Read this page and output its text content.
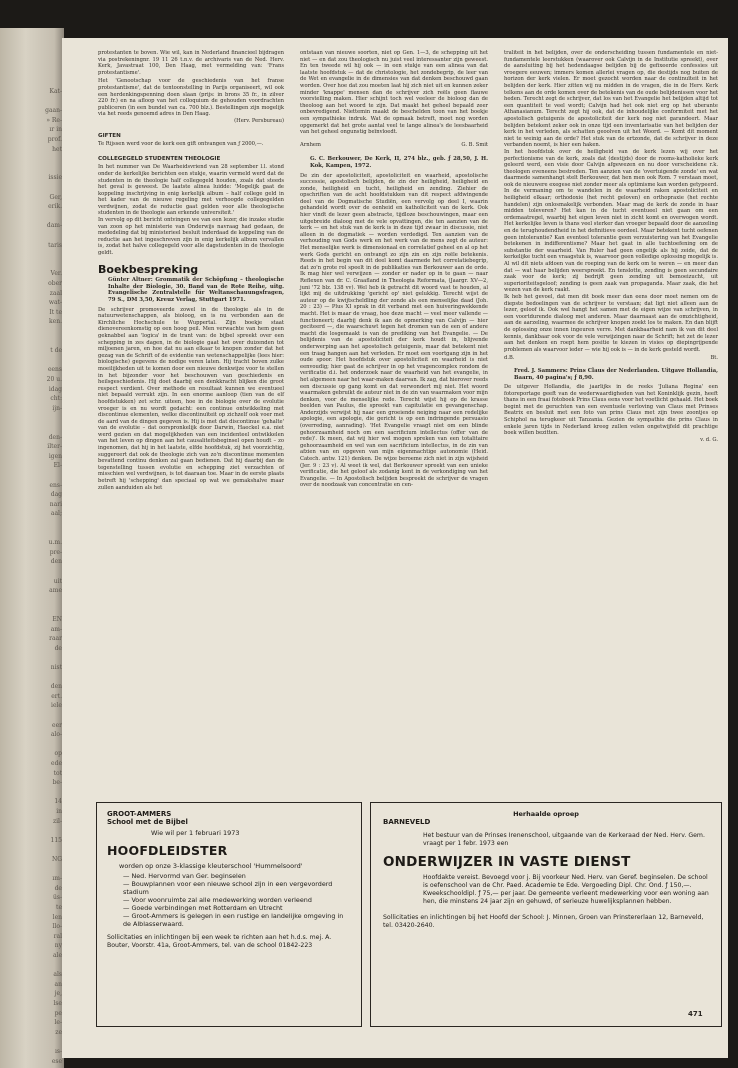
Kat-
gaan-
» Re-
ır in
prof.
het
issie
Ger,
erik.
dam-
taris
Ver.
ober
zaal
wat-
It te
ken.
t de
eens
20 u.
idag
cht:
ijn-
den-
ilter-
igen
El-
ens-
dag
nari
aal;
u.m.
pre-
den
uit
ame
EN
am-
raar
de
nist
den
ert.
iele
eer
alo-
op
ede
tot
be-
14
in
zil-
115
NG
ım-
de
üs-
te
len
llo-
ral
ny
ale
als
an
je,
lse
pe
le-
ze
ıs-
ese

protestanten te boven. Wie wil, kan in Nederland financieel bijdragen via postrekeningnr. 19 11 26 t.n.v. de archivaris van de Ned. Herv. Kerk, Javastraat 100, Den Haag, met vermelding van: 'Frans protestantisme'.

Het 'Genootschap voor de geschiedenis van het franse protestantisme', dat de tentoonstelling in Parijs organiseert, wil ook een herdenkingspenning doen slaan (prijs: in brons 35 fr., in zilver 220 fr.) en na afloop van het colloquium de gehouden voordrachten publiceren (in een bundel van ca. 700 blz.). Bestellingen zijn mogelijk via het reeds genoemd adres in Den Haag.

(Herv. Persbureau)

GIFTEN

Te Rijssen werd voor de kerk een gift ontvangen van ƒ 2000,—.

COLLEGEGELD STUDENTEN THEOLOGIE

In het nummer van De Waarheidsvriend van 28 september l.l. stond onder de kerkelijke berichten een stukje, waarin vermeld werd dat de studenten in de theologie half collegegeld houden, zoals dat steeds het geval is geweest. De laatste alinea luidde: 'Mogelijk gaat de koppeling inschrijving in enig kerkelijk album – half college geld in het kader van de nieuwe regeling met verhoogde collegegelden verdwijnen, zodat de reductie gaat gelden voor alle theologische studenten in de theologie aan erkende universiteit.'

In vervolg op dit bericht ontvingen we van een lezer, die inzake studie van zoon op het ministerie van Onderwijs navraag had gedaan, de mededeling dat bij ministerieel besluit inderdaad de koppeling van de reductie aan het ingeschreven zijn in enig kerkelijk album vervallen is, zodat het halve collegegeld voor alle dagstudenten in de theologie geldt.

Boekbespreking
Günter Altner: Grommatik der Schöpfung – theologische Inhalte der Biologie, 30. Band van de Rote Reihe, uitg. Evangelische Zentralstelle für Weltanschauungsfragen, 79 S., DM 3,50, Kreuz Verlag, Stuttgart 1971.

De schrijver promoveerde zowel in de theologie als in de natuurwetenschappen, als bioloog, en is nu verbonden aan de Kirchliche Hochschule te Wuppertal. Zijn boekje staat dienovereenkomstig op een hoog peil. Men verwachte van hem geen geknabbel aan 'logica' in de trant van: de bijbel spreekt over een schepping in zes dagen, in de biologie gaat het over duizenden tot miljoenen jaren, en hoe dat nu aan elkaar te knopen zonder dat het gezag van de Schrift of de evidentie van wetenschappelijke (lees hier: biologische) gegevens de nodige veren laten. Hij tracht boven zulke moeilijkheden uit te komen door een nieuwe denkwijze voor te stellen in het bijzonder voor het beschouwen van geschiedenis en heilsgeschiedenis. Hij doet daarbij een denkkracht blijken die groot respect verdient. Over methode en resultaat kunnen we eventueel niet bepaald verrukt zijn. In een enorme aanloop (tien van de elf hoofdstukken) zet schr. uiteen, hoe in de biologie over de evolutie vroeger is en nu wordt gedacht: een continue ontwikkeling met discontinue elementen, welke discontinuïteit op zichzelf ook voer met de aard van de dingen gegeven is. Hij is met dat discontinue 'gehalte' van de evolutie – dat oorspronkelijk door Darwin, Haeckel e.a. niet werd gezien en dat mogelijkheden van een incidenteel ontwikkelen van het leven op dingen aan het causaliteitsbeginsel open houdt – zo ingenomen, dat hij in het laatste, elfde hoofdstuk, zij het voorzichtig, suggereert dat ook de theologie zich van zo'n discontinue momenten bevattend continu denken zal gaan bedienen. Dat hij daarbij dan de tegenstelling tussen evolutie en schepping ziet verzachten of misschien wel verdwijnen, is tot daaraan toe. Maar in de eerste plaats betreft hij 'schepping' dan speciaal op wat we gemakshalve maar zullen aanduiden als het

ontstaan van nieuwe soorten, niet op Gen. 1—3, de schepping uit het niet — en dat zou theologisch nu juist veel interessanter zijn geweest. En ten tweede wil hij ook — in een stukje van een alinea van dat laatste hoofdstuk — dat de christologie, het zondebegrip, de leer van de Wet en evangelie in de dimensies van dat denken beschouwd gaan worden. Over hoe dat zou moeten laat hij zich niet uit en kunnen zeker minder 'knappe' mensen dan de schrijver zich reëls geen flauwe voorstelling maken. Hier schijnt toch wel veeleer de bioloog dan de theoloog aan het woord te zijn. Dat maakt het geheel bepaald zeer onbevredigend. Niettemin maakt de beschelden toon van het boekje een sympathieke indruk. Wat de opmaak betreft, moet nog worden opgemerkt dat het grote aantal veel te lange alinea's de leesbaarheid van het geheel ongunstig beïnvloedt.

Arnhem	G. B. Smit
G. C. Berkouwer, De Kerk, II, 274 blz., geb. ƒ 28,50, J. H. Kok, Kampen, 1972.

De zin der apostoliciteit, apostoliciteit en waarheid, apostolische successie, apostolisch belijden, de zin der heiligheid, heiligheid en zonde, heiligheid en tucht, heiligheid en zending. Ziehier de opschriften van de acht hoofdstukken van dit respect afdwingende deel van de Dogmatische Studiën, een vervolg op deel I, waarin gehandeld wordt over de eenheid en katholiciteit van de kerk. Ook hier vindt de lezer geen abstracte, tijdloze beschouwingen, maar een uitgebreide dialoog met de vele opvattingen, die ten aanzien van de kerk — en het stuk van de kerk is in deze tijd zwaar in discussie, niet alleen in de dogmatiek — worden verdedigd. Ten aanzien van de verhouding van Gods werk en het werk van de mens zegt de auteur: Het menselijke werk is dimensionaal en correlatief geheel en al op het werk Gods gericht en ontvangt zo zijn zin en zijn reële betekenis. Reeds in het begin van dit deel komt daarmede het correlatiebegrip, dat zo'n grote rol speelt in de publikaties van Berkouwer aan de orde. Ik mag hier wel verwijzen — zonder er nader op in te gaan — naar Reflexen van dr. C. Graafland in Theologia Reformata, (Jaargr. XV—2, juni '72 blz. 138 vv). Wel heb ik getracht dit woord vast te houden, al lijkt mij de uitdrukking 'gericht op' niet gelukkig. Terecht wijst de auteur op de kwijtscheldling der zonde als een menselijke daad (Joh. 20 : 23) — Plus XI sprak in dit verband met een huiveringwekkende macht. Het is maar de vraag, hoe deze macht — veel meer vallende — functioneert; daarbij denk ik aan de opmerking van Calvijn — hier geciteerd —, die waarschuwt tegen het dromen van de een of andere macht die losgemaakt is van de prediking van het Evangelie. — De belijdenis van de apostoliciteit der kerk houdt in, blijvende onderwerping aan het apostolisch getuigenis, maar dat betekent niet een traag hangen aan het verleden. Er moet een voortgang zijn in het oude spoor. Het hoofdstuk over apostoliciteit en waarheid is niet eenvoudig; hier gaat de schrijver in op het vragencomplex rondom de verificatie d.i. het onderzoek naar de waarheid van het evangelie, in het algemeen naar het waar-maken daarvan. Ik zag, dat hierover reeds een discussie op gang komt en dat verwondert mij niet. Het woord waarmaken gebruikt de auteur niet in de zin van waarmaken voor mijn denken, voor de menselijke rede. Terecht wijst hij op de krasse beelden van Paulus, die spreekt van capitulatie en gevangenschap. Anderzijds verwijst hij naar een groeiende neiging naar een redelijke apologie, een apologie, die gericht is op een indringende persuasio (overreding, aanrading). 'Het Evangelie vraagt niet om een blinde gehoorzaamheid noch om een sacrificium intellectus (offer van de rede)'. Ik meen, dat wij hier wel mogen spreken van een totalitaire gehoorzaamheid en wel van een sacrificium intellectus, in de zin van afzien van en opgeven van mijn eigenmachtige autonomie (Heid. Catech. antw. 121) denken. De wijze beroeme zich niet in zijn wijsheid (Jer. 9 : 23 v). Al weet ik wel, dat Berkouwer spreekt van een unieke verificatie, die het geloof als zodanig kent in de verkondiging van het Evangelie. — In Apostolisch belijden bespreekt de schrijver de vragen over de noodzaak van concentratie en cen-

traliteit in het belijden, over de onderscheiding tussen fundamentele en niet-fundamentele leerstukken (waarover ook Calvijn in de Institutie spreekt), over de aansluiting bij het hedendaagse belijden bij de gefixeerde confessies uit vroegere eeuwen; immers komen allerlei vragen op, die destijds nog buiten de horizon der kerk vielen. Er moet gezocht worden naar de continuïteit in het belijden der kerk. Hier zitten wij nu midden in de vragen, die in de Herv. Kerk telkens aan de orde komen over de betekenis van de oude belijdenissen voor het heden. Terecht zegt de schrijver, dat los van het Evangelie het belijden altijd tot een quantiteit te veel wordt; Calvijn had het ook niet erg op het uberante Athanasianum. Terecht zegt hij ook, dat de inhoudelijke conformiteit met het apostolisch getuigenis de apostoliciteit der kerk nog niet garandeert. Maar belijden betekent zeker ook in onze tijd een inventarisatie van het belijden der kerk in het verleden, als schatten geoolven uit het Woord. — Komt dit moment niet te weinig aan de orde? Het stuk van de ertzonde, dat de schrijver in deze verbanden noemt, is hier een haken.

In het hoofdstuk over de heiligheid van de kerk lezen wij over het perfectionisme van de kerk, zoals dat (destijds) door de rooms-katholieke kerk geleerd werd, een visie door Calvijn afgewezen en nu door verscheidene r.k. theologen eveneens bestreden. Ten aanzien van de 'overtuigende zonde' en wat daarmede samenhangt stelt Berkouwer, dat hen men ook Rom. 7 verstaan moet, ook de nieuwere exegese niet zonder meer als optimisme kan worden getypeerd. In de vermaning om te wandelen in de waarheid raken apostoliciteit en heiligheid elkaar; orthodoxie (het recht geloven) en orthopraxie (het rechte handelen) zijn onlosmakelijk verbonden. Maar mag de kerk de zonde in haar midden toleveren? Het kan in de tucht eventueel niet gaan om een ordemaatregel, waarbij het eigen leven niet in zicht komt en overwogen wordt. Het kerkelijke leven is thans veel sterker dan vroeger bepaald door de aanzeling en de terughoudendheid in het definitieve oordeel. Maar betekent tucht oefenen geen intolerantie? Kan eventeel tolerantie geen verzuistering van het Evangelie betekenen in indifferentisme? Maar het gaat in alle tuchtoefening om de substantie der waarheid. Van Ruler had geen ongelijk als hij zeide, dat de kerkelijke tucht een vraagstuk is, waarvoor geen volledige oplossing mogelijk is. Al wil dit niets afdoen van de roeping van de kerk om te weren — en meer dan dat — wat haar belijden weerspreekt. En tenslotte, zending is geen secundaire zaak voor de kerk; zij bedrijft geen zending uit bemoeizucht, uit superioriteitsgeloof; zending is geen zaak van propaganda. Maar zaak, die het wezen van de kerk raakt.

Ik heb het gevoel, dat men dit boek meer dan eens door moet nemen om de diepste bedoelingen van de schrijver te verstaan; dat ligt niet alleen aan de lezer, geloof ik. Ook wel hangt het samen met de eigen wijze van schrijven, in een voortdurende dialoog met anderen. Maar daarnaast aan de omzichtigheid, aan de aarzeling, waarmee de schrijver knopen zoekt los te maken. En dan blijft de oplossing onze innen ingeuren verre. Met dankbaarheid nam ik van dit deel kennis, dankbaar ook voor de vele verwijzingen naar de Schrift; het zet de lezer aan het denken en roept hem positie te kiezen in visies op diepingrijpende problemen als waarvoor ieder — wie hij ook is — in de kerk gesteld wordt.

d.B.	Bt.
Fred. J. Sammers: Prins Claus der Nederlanden. Uitgave Hollandia, Baarn, 40 pagina's; ƒ 8,90.

De uitgever Hollandia, die jaarlijks in de reeks 'Juliana Regina' een fotoreportage geeft van de wederwaardigheden van het Koninklijk gezin, heeft thans in een fraai fotoboek Prins Claus eens voor het voetlicht gehaald. Het boek begint met de geruchten van een eventuele verloving van Claus met Prinses Beatrix en besluit met een foto van prins Claus met zijn twee zoontjes op Schiphol na terugkeer uit Tanzania. Gezien de sympathie die prins Claus in enkele jaren tijds in Nederland kreeg zullen velen ongetwijfeld dit prachtige boek willen bezitten.

v. d. G.

GROOT-AMMERS
School met de Bijbel
Wie wil per 1 februari 1973
HOOFDLEIDSTER
worden op onze 3-klassige kleuterschool 'Hummelsoord'
— Ned. Hervormd van Ger. beginselen
— Bouwplannen voor een nieuwe school zijn in een vergevorderd stadium
— Voor woonruimte zal alle medewerking worden verleend
— Goede verbindingen met Rotterdam en Utrecht
— Groot-Ammers is gelegen in een rustige en landelijke omgeving in de Alblasserwaard.
Sollicitaties en inlichtingen bij een week te richten aan het h.d.s. mej. A. Bouter, Voorstr. 41a, Groot-Ammers, tel. van de school 01842-223
Herhaalde oproep
BARNEVELD
Het bestuur van de Prinses Irenenschool, uitgaande van de Kerkeraad der Ned. Herv. Gem. vraagt per 1 febr. 1973 een
ONDERWIJZER IN VASTE DIENST
Hoofdakte vereist. Bevoegd voor j. Bij voorkeur Ned. Herv. van Geref. beginselen. De school is oefenschool van de Chr. Paed. Academie te Ede. Vergoeding Dipl. Chr. Ond. ƒ 150,—. Kweekschooldipl. ƒ 75,— per jaar. De gemeente verleent medewerking voor een woning aan hen, die minstens 24 jaar zijn en gehuwd, of serieuze huwelijksplannen hebben.
Sollicitaties en inlichtingen bij het Hoofd der School: J. Minnen, Groen van Prinstererlaan 12, Barneveld, tel. 03420-2640.
471
